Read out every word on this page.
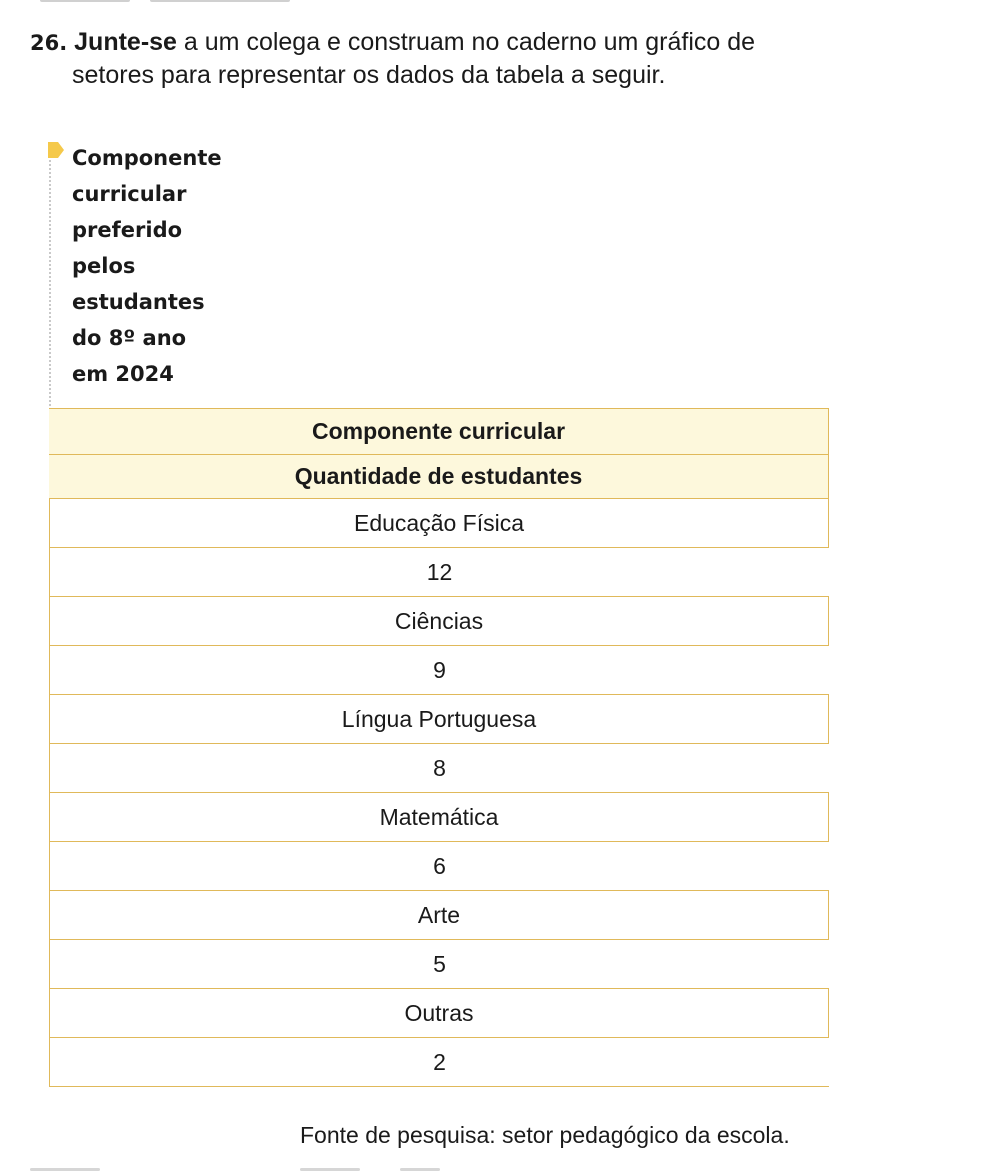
26. Junte-se a um colega e construam no caderno um gráfico de
setores para representar os dados da tabela a seguir.
Componente
curricular
preferido
pelos
estudantes
do 8º ano
em 2024
Componente curricular
Quantidade de estudantes
Educação Física
12
Ciências
9
Língua Portuguesa
8
Matemática
6
Arte
5
Outras
2
Fonte de pesquisa: setor pedagógico da escola.
